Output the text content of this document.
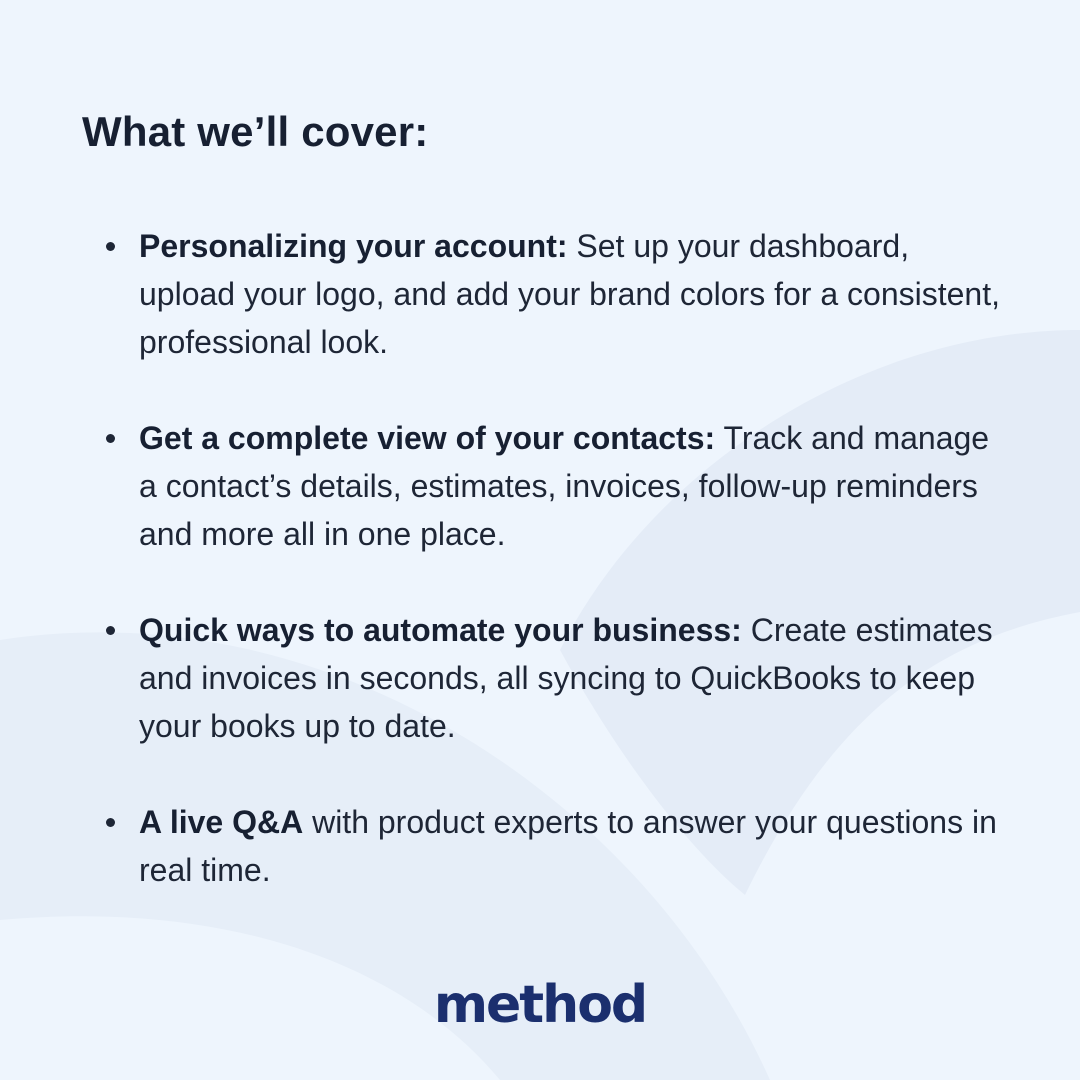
What we’ll cover:
Personalizing your account: Set up your dashboard, upload your logo, and add your brand colors for a consistent, professional look.
Get a complete view of your contacts: Track and manage a contact’s details, estimates, invoices, follow-up reminders and more all in one place.
Quick ways to automate your business: Create estimates and invoices in seconds, all syncing to QuickBooks to keep your books up to date.
A live Q&A with product experts to answer your questions in real time.
method
